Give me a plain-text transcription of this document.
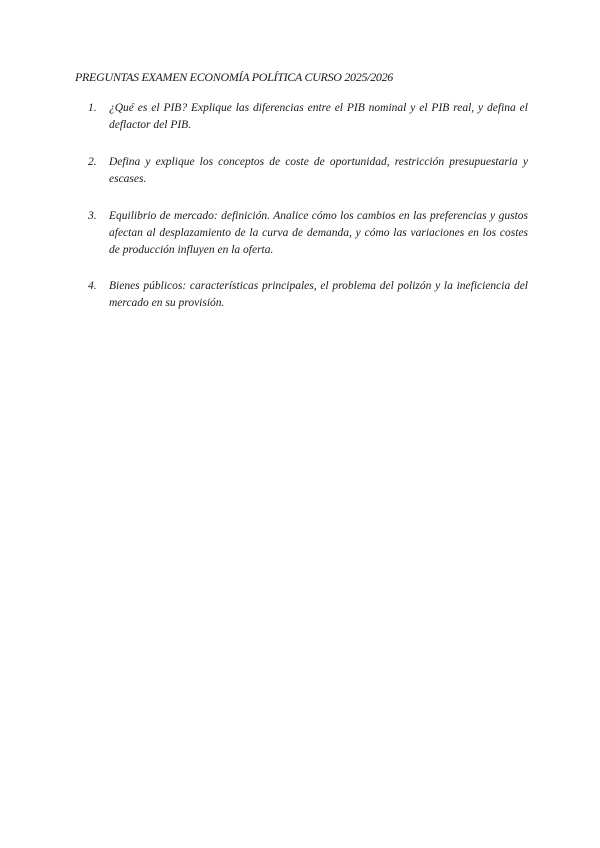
PREGUNTAS EXAMEN ECONOMÍA POLÍTICA CURSO 2025/2026
1. ¿Qué es el PIB? Explique las diferencias entre el PIB nominal y el PIB real, y defina el deflactor del PIB.
2. Defina y explique los conceptos de coste de oportunidad, restricción presupuestaria y escases.
3. Equilibrio de mercado: definición. Analice cómo los cambios en las preferencias y gustos afectan al desplazamiento de la curva de demanda, y cómo las variaciones en los costes de producción influyen en la oferta.
4. Bienes públicos: características principales, el problema del polizón y la ineficiencia del mercado en su provisión.
